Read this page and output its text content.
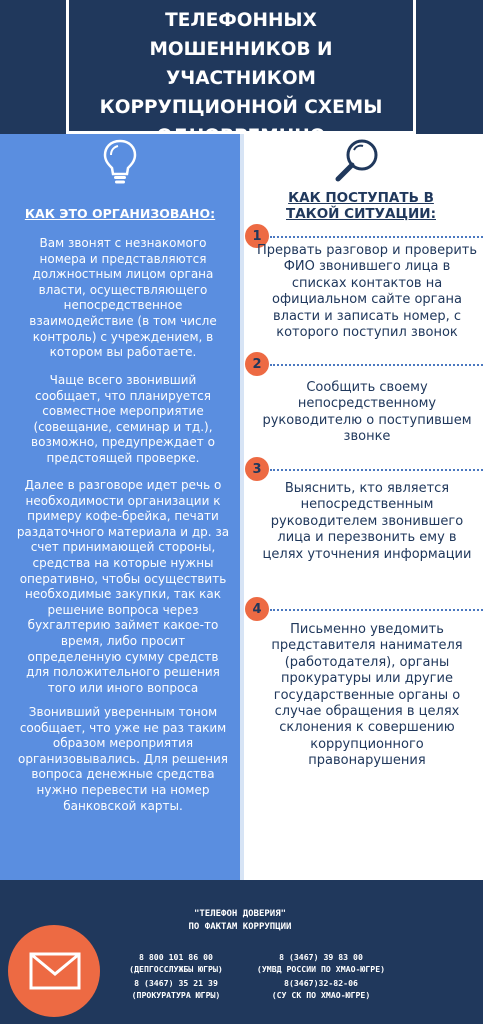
ТЕЛЕФОННЫХ
МОШЕННИКОВ И УЧАСТНИКОМ
КОРРУПЦИОННОЙ СХЕМЫ
КАК ЭТО ОРГАНИЗОВАНО:
Вам звонят с незнакомого номера и представляются должностным лицом органа власти, осуществляющего непосредственное взаимодействие (в том числе контроль) с учреждением, в котором вы работаете.
Чаще всего звонивший сообщает, что планируется совместное мероприятие (совещание, семинар и тд.), возможно, предупреждает о предстоящей проверке.
Далее в разговоре идет речь о необходимости организации к примеру кофе-брейка, печати раздаточного материала и др. за счет принимающей стороны, средства на которые нужны оперативно, чтобы осуществить необходимые закупки, так как решение вопроса через бухгалтерию займет какое-то время, либо просит определенную сумму средств для положительного решения того или иного вопроса
Звонивший уверенным тоном сообщает, что уже не раз таким образом мероприятия организовывались. Для решения вопроса денежные средства нужно перевести на номер банковской карты.
КАК ПОСТУПАТЬ В ТАКОЙ СИТУАЦИИ:
1
Прервать разговор и проверить ФИО звонившего лица в списках контактов на официальном сайте органа власти и записать номер, с которого поступил звонок
2
Сообщить своему непосредственному руководителю о поступившем звонке
3
Выяснить, кто является непосредственным руководителем звонившего лица и перезвонить ему в целях уточнения информации
4
Письменно уведомить представителя нанимателя (работодателя), органы прокуратуры или другие государственные органы о случае обращения в целях склонения к совершению коррупционного правонарушения
"ТЕЛЕФОН ДОВЕРИЯ"
ПО ФАКТАМ КОРРУПЦИИ
8 800 101 86 00
(ДЕПГОССЛУЖБЫ ЮГРЫ)
8 (3467) 39 83 00
(УМВД РОССИИ ПО ХМАО-ЮГРЕ)
8 (3467) 35 21 39
(ПРОКУРАТУРА ЮГРЫ)
8(3467)32-82-06
(СУ СК ПО ХМАО-ЮГРЕ)
